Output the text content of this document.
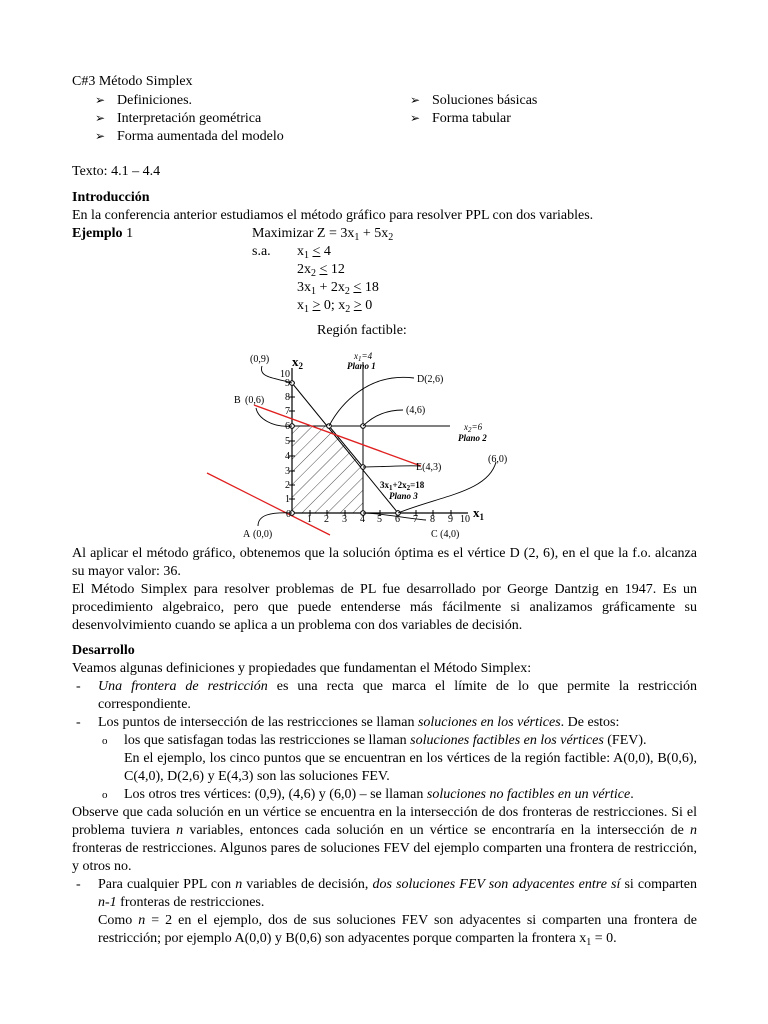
C#3 Método Simplex
➢ Definiciones.
➢ Interpretación geométrica
➢ Forma aumentada del modelo
➢ Soluciones básicas
➢ Forma tabular
Texto: 4.1 – 4.4
Introducción
En la conferencia anterior estudiamos el método gráfico para resolver PPL con dos variables.
Ejemplo 1	Maximizar $Z = 3x_1 + 5x_2$
s.a. $x_1 < 4$
$2x_2 < 12$
$3x_1 + 2x_2 < 18$
$x_1 > 0$; $x_2 > 0$
Región factible:
0 1 2 3 4 5 6 7 8 9 10
1
2
3
4
5
6
7
8
9
10
$x_1$
$x_2$
(0,9)
B (0,6)
D(2,6)
(4,6)
E(4,3)
(6,0)
A (0,0)	C (4,0)
$x_1=4$
Plano 1
$x_2=6$
Plano 2
$3x_1+2x_2=18$
Plano 3
Al aplicar el método gráfico, obtenemos que la solución óptima es el vértice D (2, 6), en el que la f.o. alcanza su mayor valor: 36.
El Método Simplex para resolver problemas de PL fue desarrollado por George Dantzig en 1947. Es un procedimiento algebraico, pero que puede entenderse más fácilmente si analizamos gráficamente su desenvolvimiento cuando se aplica a un problema con dos variables de decisión.
Desarrollo
Veamos algunas definiciones y propiedades que fundamentan el Método Simplex:
- Una frontera de restricción es una recta que marca el límite de lo que permite la restricción correspondiente.
- Los puntos de intersección de las restricciones se llaman soluciones en los vértices. De estos:
o los que satisfagan todas las restricciones se llaman soluciones factibles en los vértices (FEV).
En el ejemplo, los cinco puntos que se encuentran en los vértices de la región factible: A(0,0), B(0,6), C(4,0), D(2,6) y E(4,3) son las soluciones FEV.
o Los otros tres vértices: (0,9), (4,6) y (6,0) – se llaman soluciones no factibles en un vértice.
Observe que cada solución en un vértice se encuentra en la intersección de dos fronteras de restricciones. Si el problema tuviera n variables, entonces cada solución en un vértice se encontraría en la intersección de n fronteras de restricciones. Algunos pares de soluciones FEV del ejemplo comparten una frontera de restricción, y otros no.
- Para cualquier PPL con n variables de decisión, dos soluciones FEV son adyacentes entre sí si comparten n-1 fronteras de restricciones.
Como n = 2 en el ejemplo, dos de sus soluciones FEV son adyacentes si comparten una frontera de restricción; por ejemplo A(0,0) y B(0,6) son adyacentes porque comparten la frontera $x_1 = 0$.
